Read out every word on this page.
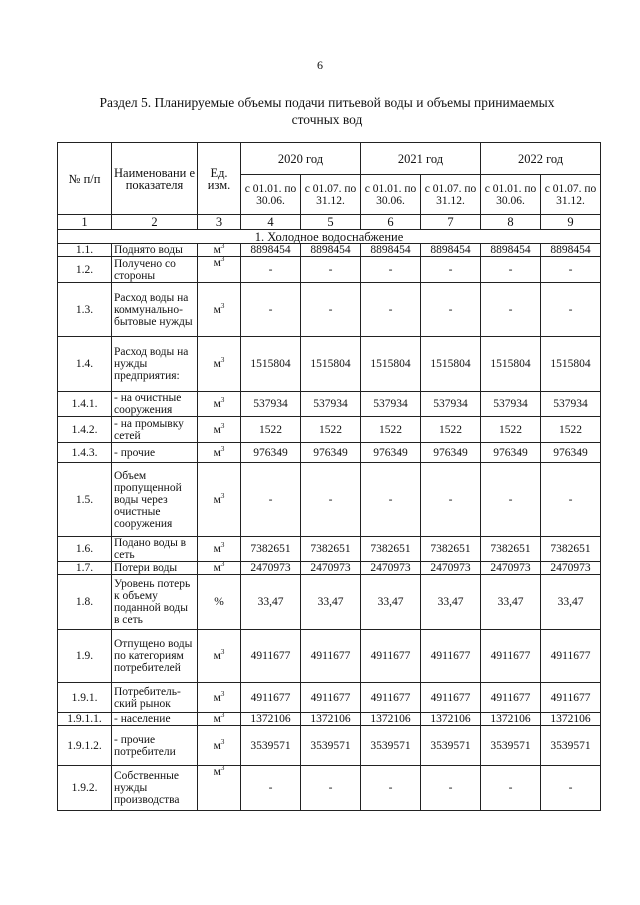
6
Раздел 5. Планируемые объемы подачи питьевой воды и объемы принимаемых
сточных вод
№ п/п	Наименовани е показателя	Ед. изм.	2020 год		2021 год		2022 год	
			с 01.01. по 30.06.	с 01.07. по 31.12.	с 01.01. по 30.06.	с 01.07. по 31.12.	с 01.01. по 30.06.	с 01.07. по 31.12.
1	2	3	4	5	6	7	8	9
1. Холодное водоснабжение								
1.1.	Поднято воды	$м^3$	8898454	8898454	8898454	8898454	8898454	8898454
1.2.	Получено со стороны	$м^3$	-	-	-	-	-	-
1.3.	Расход воды на коммунально-бытовые нужды	$м^3$	-	-	-	-	-	-
1.4.	Расход воды на нужды предприятия:	$м^3$	1515804	1515804	1515804	1515804	1515804	1515804
1.4.1.	- на очистные сооружения	$м^3$	537934	537934	537934	537934	537934	537934
1.4.2.	- на промывку сетей	$м^3$	1522	1522	1522	1522	1522	1522
1.4.3.	- прочие	$м^3$	976349	976349	976349	976349	976349	976349
1.5.	Объем пропущенной воды через очистные сооружения	$м^3$	-	-	-	-	-	-
1.6.	Подано воды в сеть	$м^3$	7382651	7382651	7382651	7382651	7382651	7382651
1.7.	Потери воды	$м^3$	2470973	2470973	2470973	2470973	2470973	2470973
1.8.	Уровень потерь к объему поданной воды в сеть	%	33,47	33,47	33,47	33,47	33,47	33,47
1.9.	Отпущено воды по категориям потребителей	$м^3$	4911677	4911677	4911677	4911677	4911677	4911677
1.9.1.	Потребитель-ский рынок	$м^3$	4911677	4911677	4911677	4911677	4911677	4911677
1.9.1.1.	- население	$м^3$	1372106	1372106	1372106	1372106	1372106	1372106
1.9.1.2.	- прочие потребители	$м^3$	3539571	3539571	3539571	3539571	3539571	3539571
1.9.2.	Собственные нужды производства	$м^3$	-	-	-	-	-	-
